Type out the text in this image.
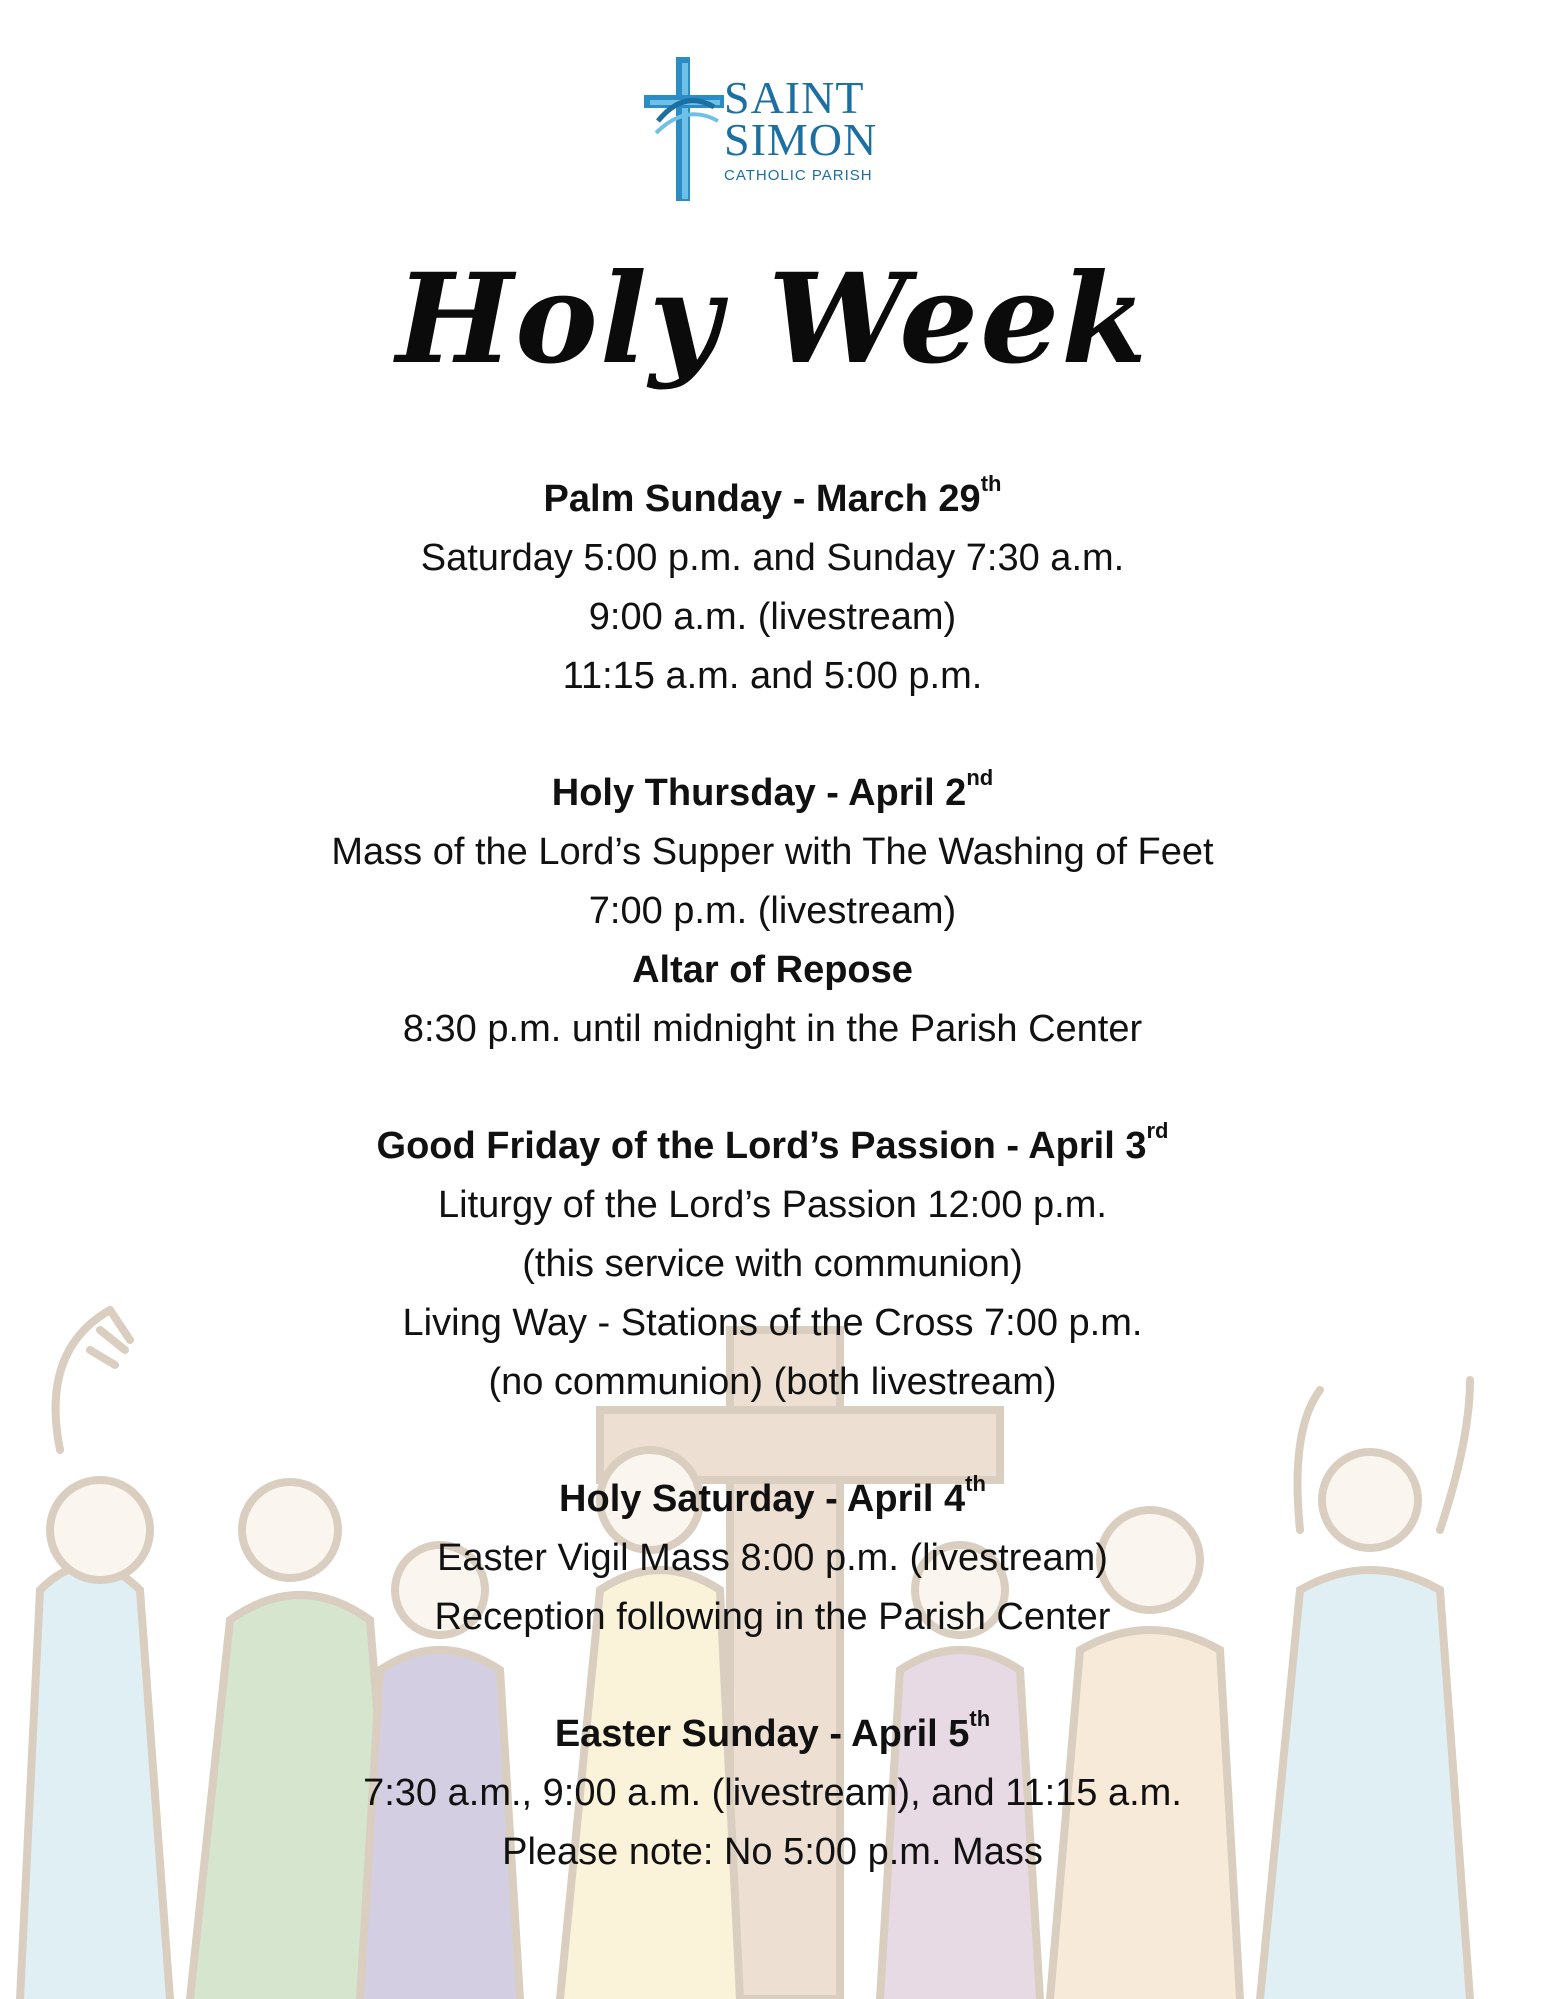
SAINT
SIMON
CATHOLIC PARISH
Holy Week
Palm Sunday - March 29th
Saturday 5:00 p.m. and Sunday 7:30 a.m.
9:00 a.m. (livestream)
11:15 a.m. and 5:00 p.m.
Holy Thursday - April 2nd
Mass of the Lord’s Supper with The Washing of Feet
7:00 p.m. (livestream)
Altar of Repose
8:30 p.m. until midnight in the Parish Center
Good Friday of the Lord’s Passion - April 3rd
Liturgy of the Lord’s Passion 12:00 p.m.
(this service with communion)
Living Way - Stations of the Cross 7:00 p.m.
(no communion) (both livestream)
Holy Saturday - April 4th
Easter Vigil Mass 8:00 p.m. (livestream)
Reception following in the Parish Center
Easter Sunday - April 5th
7:30 a.m., 9:00 a.m. (livestream), and 11:15 a.m.
Please note: No 5:00 p.m. Mass
